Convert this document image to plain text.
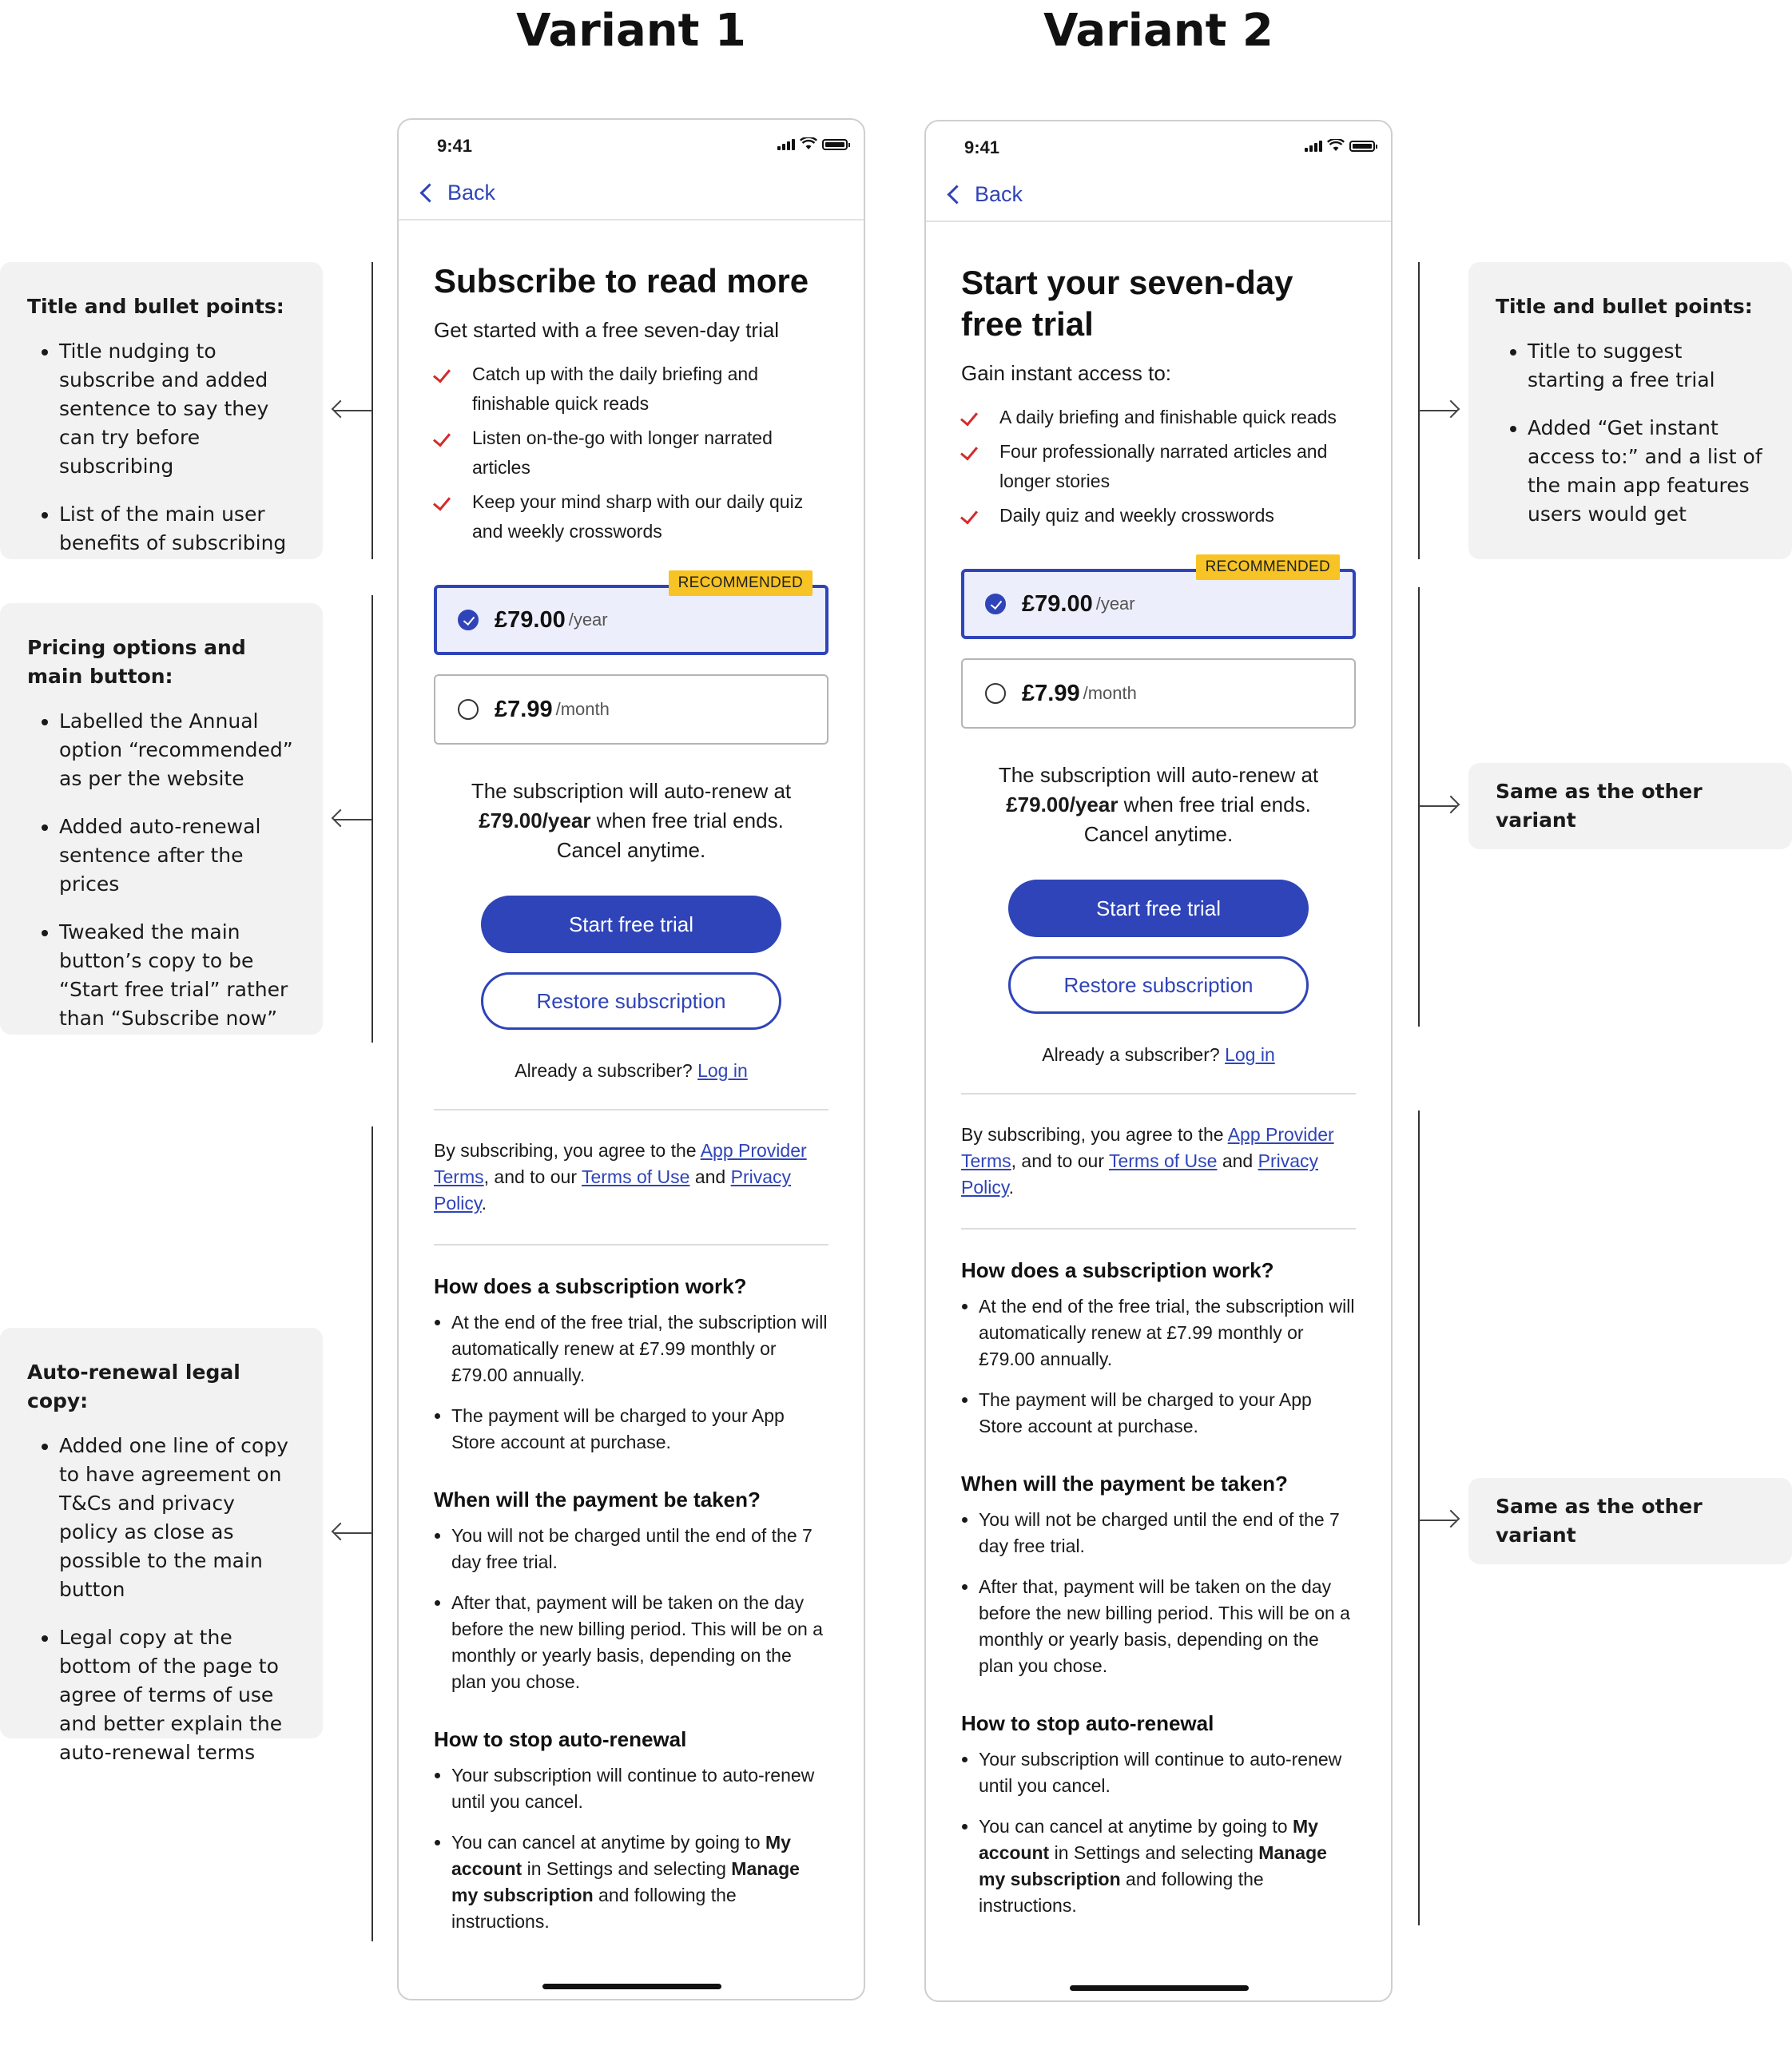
Variant 1	Variant 2
Title and bullet points:
• Title nudging to subscribe and added sentence to say they can try before subscribing
• List of the main user benefits of subscribing
Pricing options and main button:
• Labelled the Annual option “recommended” as per the website
• Added auto-renewal sentence after the prices
• Tweaked the main button’s copy to be “Start free trial” rather than “Subscribe now”
Auto-renewal legal copy:
• Added one line of copy to have agreement on T&Cs and privacy policy as close as possible to the main button
• Legal copy at the bottom of the page to agree of terms of use and better explain the auto-renewal terms
Title and bullet points:
• Title to suggest starting a free trial
• Added “Get instant access to:” and a list of the main app features users would get
Same as the other variant
Same as the other variant
9:41
Back
Subscribe to read more

Get started with a free seven-day trial

Catch up with the daily briefing and finishable quick reads
Listen on-the-go with longer narrated articles
Keep your mind sharp with our daily quiz and weekly crosswords
RECOMMENDED
£79.00 /year
£7.99 /month
The subscription will auto-renew at
£79.00/year when free trial ends.
Cancel anytime.
Start free trial
Restore subscription
Already a subscriber? Log in
By subscribing, you agree to the App Provider Terms, and to our Terms of Use and Privacy Policy.
How does a subscription work?
• At the end of the free trial, the subscription will automatically renew at £7.99 monthly or £79.00 annually.
• The payment will be charged to your App Store account at purchase.
When will the payment be taken?
• You will not be charged until the end of the 7 day free trial.
• After that, payment will be taken on the day before the new billing period. This will be on a monthly or yearly basis, depending on the plan you chose.
How to stop auto-renewal
• Your subscription will continue to auto-renew until you cancel.
• You can cancel at anytime by going to My account in Settings and selecting Manage my subscription and following the instructions.
9:41
Back
Start your seven-day free trial

Gain instant access to:

A daily briefing and finishable quick reads
Four professionally narrated articles and longer stories
Daily quiz and weekly crosswords
RECOMMENDED
£79.00 /year
£7.99 /month
The subscription will auto-renew at
£79.00/year when free trial ends.
Cancel anytime.
Start free trial
Restore subscription
Already a subscriber? Log in
By subscribing, you agree to the App Provider Terms, and to our Terms of Use and Privacy Policy.
How does a subscription work?
• At the end of the free trial, the subscription will automatically renew at £7.99 monthly or £79.00 annually.
• The payment will be charged to your App Store account at purchase.
When will the payment be taken?
• You will not be charged until the end of the 7 day free trial.
• After that, payment will be taken on the day before the new billing period. This will be on a monthly or yearly basis, depending on the plan you chose.
How to stop auto-renewal
• Your subscription will continue to auto-renew until you cancel.
• You can cancel at anytime by going to My account in Settings and selecting Manage my subscription and following the instructions.
